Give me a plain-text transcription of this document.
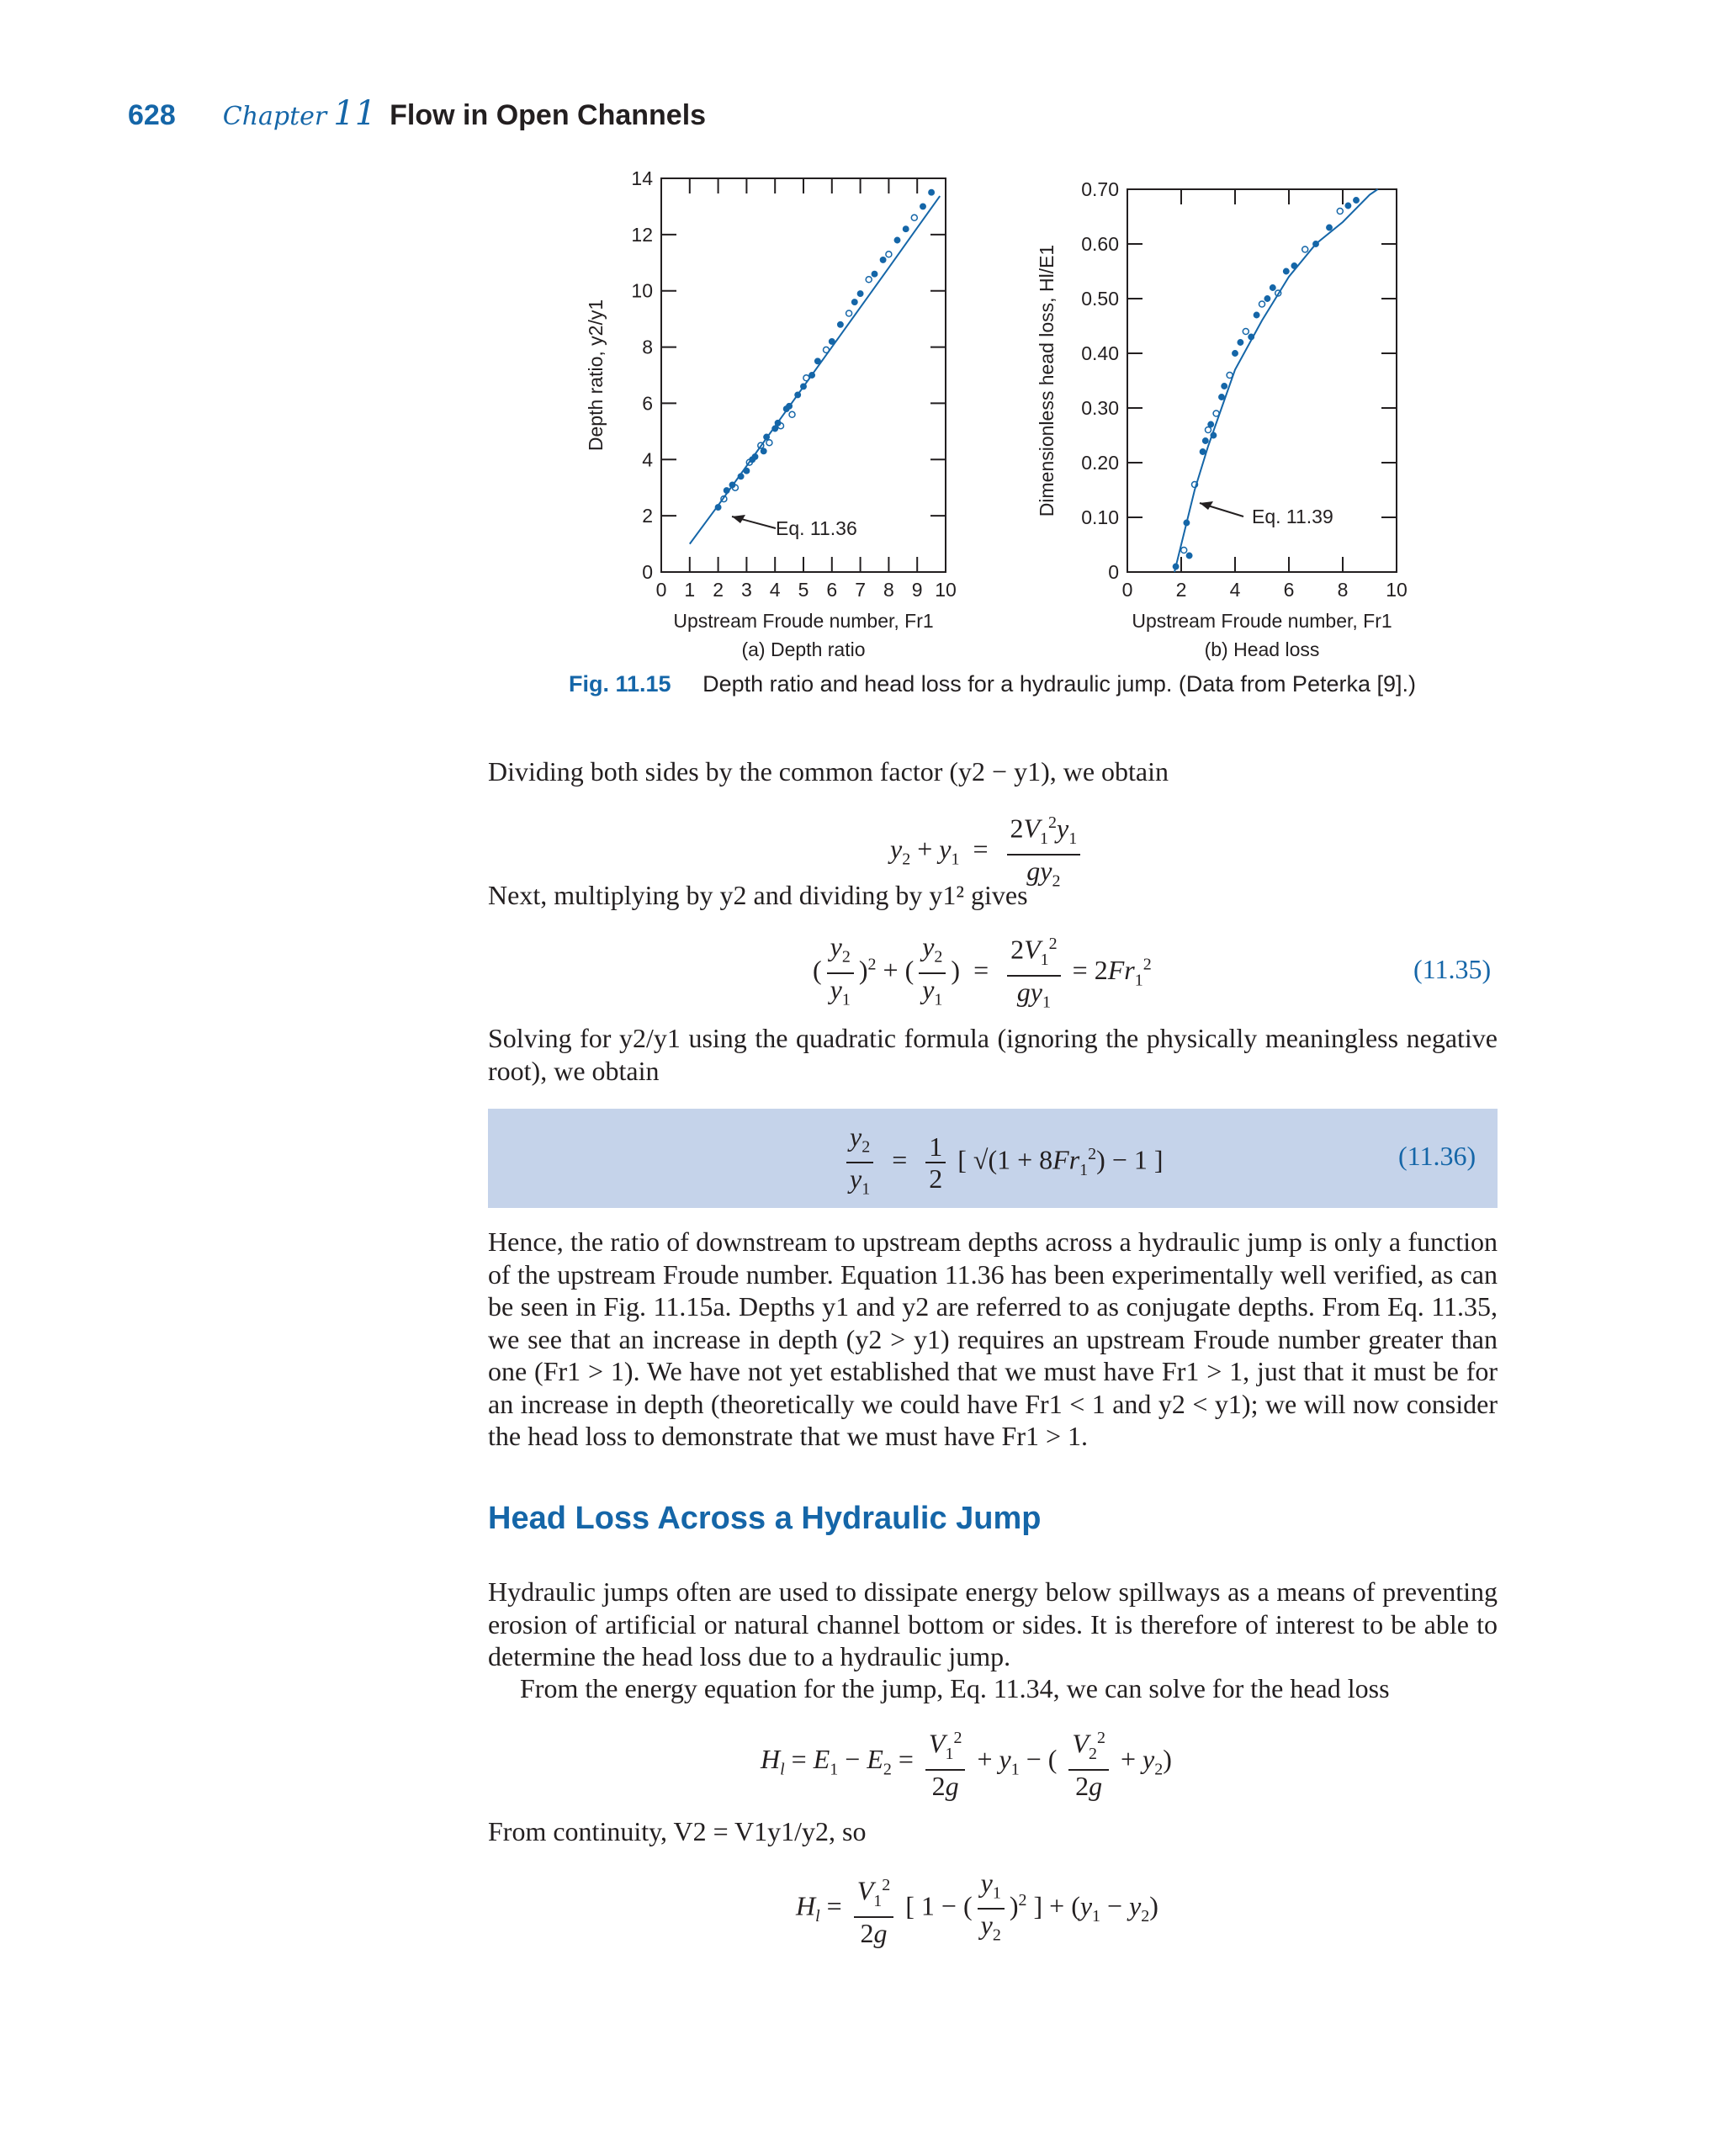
628 Chapter 11 Flow in Open Channels
0 1 2 3 4 5 6 7 8 9 10
0
2
4
6
8
10
12
14
Eq. 11.36
Upstream Froude number, Fr1
(a) Depth ratio
Depth ratio, y2/y1
0 2 4 6 8 10
0
0.10
0.20
0.30
0.40
0.50
0.60
0.70
Eq. 11.39
Upstream Froude number, Fr1
(b) Head loss
Dimensionless head loss, Hl/E1
Fig. 11.15 Depth ratio and head loss for a hydraulic jump. (Data from Peterka [9].)
Dividing both sides by the common factor (y2 − y1), we obtain
$y_2 + y_1 = \frac{2V_1^2y_1}{gy_2}$
Next, multiplying by y2 and dividing by y1² gives
( $\frac{y_2}{y_1} )^2$ + ( $\frac{y_2}{y_1}$ )  = $\frac{2V_1^2}{gy_1} = 2Fr_1^2$	(11.35)
Solving for y2/y1 using the quadratic formula (ignoring the physically meaningless negative root), we obtain
$\frac{y_2}{y_1} = \frac{1}{2}$ [ $√(1 + 8Fr_1^2) - 1$ ]	(11.36)
Hence, the ratio of downstream to upstream depths across a hydraulic jump is only a function of the upstream Froude number. Equation 11.36 has been experimentally well verified, as can be seen in Fig. 11.15a. Depths y1 and y2 are referred to as conjugate depths. From Eq. 11.35, we see that an increase in depth (y2 > y1) requires an upstream Froude number greater than one (Fr1 > 1). We have not yet established that we must have Fr1 > 1, just that it must be for an increase in depth (theoretically we could have Fr1 < 1 and y2 < y1); we will now consider the head loss to demonstrate that we must have Fr1 > 1.
Head Loss Across a Hydraulic Jump
Hydraulic jumps often are used to dissipate energy below spillways as a means of preventing erosion of artificial or natural channel bottom or sides. It is therefore of interest to be able to determine the head loss due to a hydraulic jump.
From the energy equation for the jump, Eq. 11.34, we can solve for the head loss
$H_l = E_1 - E_2 = \frac{V_1^2}{2g} + y_1$ − ( $\frac{V_2^2}{2g} + y_2$)
From continuity, V2 = V1y1/y2, so
$H_l = \frac{V_1^2}{2g}$ [ 1 − ( $\frac{y_1}{y_2} )^2$ ] + $(y_1 - y_2)$
